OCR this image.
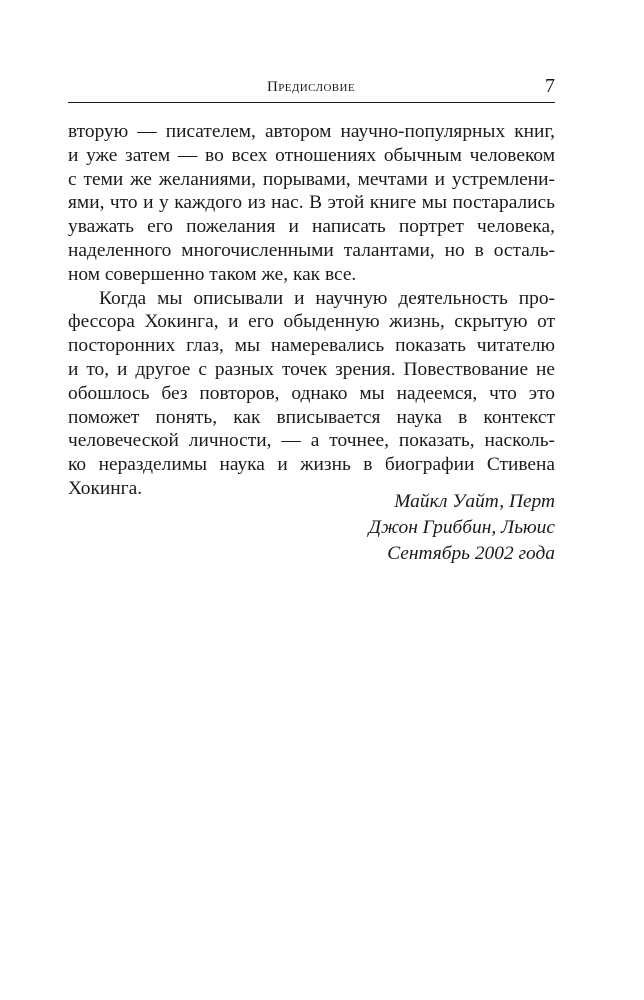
Предисловие	7
вторую — писателем, автором научно-популярных книг,
и уже затем — во всех отношениях обычным человеком
с теми же желаниями, порывами, мечтами и устремлени-
ями, что и у каждого из нас. В этой книге мы постарались
уважать его пожелания и написать портрет человека,
наделенного многочисленными талантами, но в осталь-
ном совершенно таком же, как все.
Когда мы описывали и научную деятельность про-
фессора Хокинга, и его обыденную жизнь, скрытую от
посторонних глаз, мы намеревались показать читателю
и то, и другое с разных точек зрения. Повествование не
обошлось без повторов, однако мы надеемся, что это
поможет понять, как вписывается наука в контекст
человеческой личности, — а точнее, показать, насколь-
ко неразделимы наука и жизнь в биографии Стивена
Хокинга.
Майкл Уайт, Перт
Джон Гриббин, Льюис
Сентябрь 2002 года
